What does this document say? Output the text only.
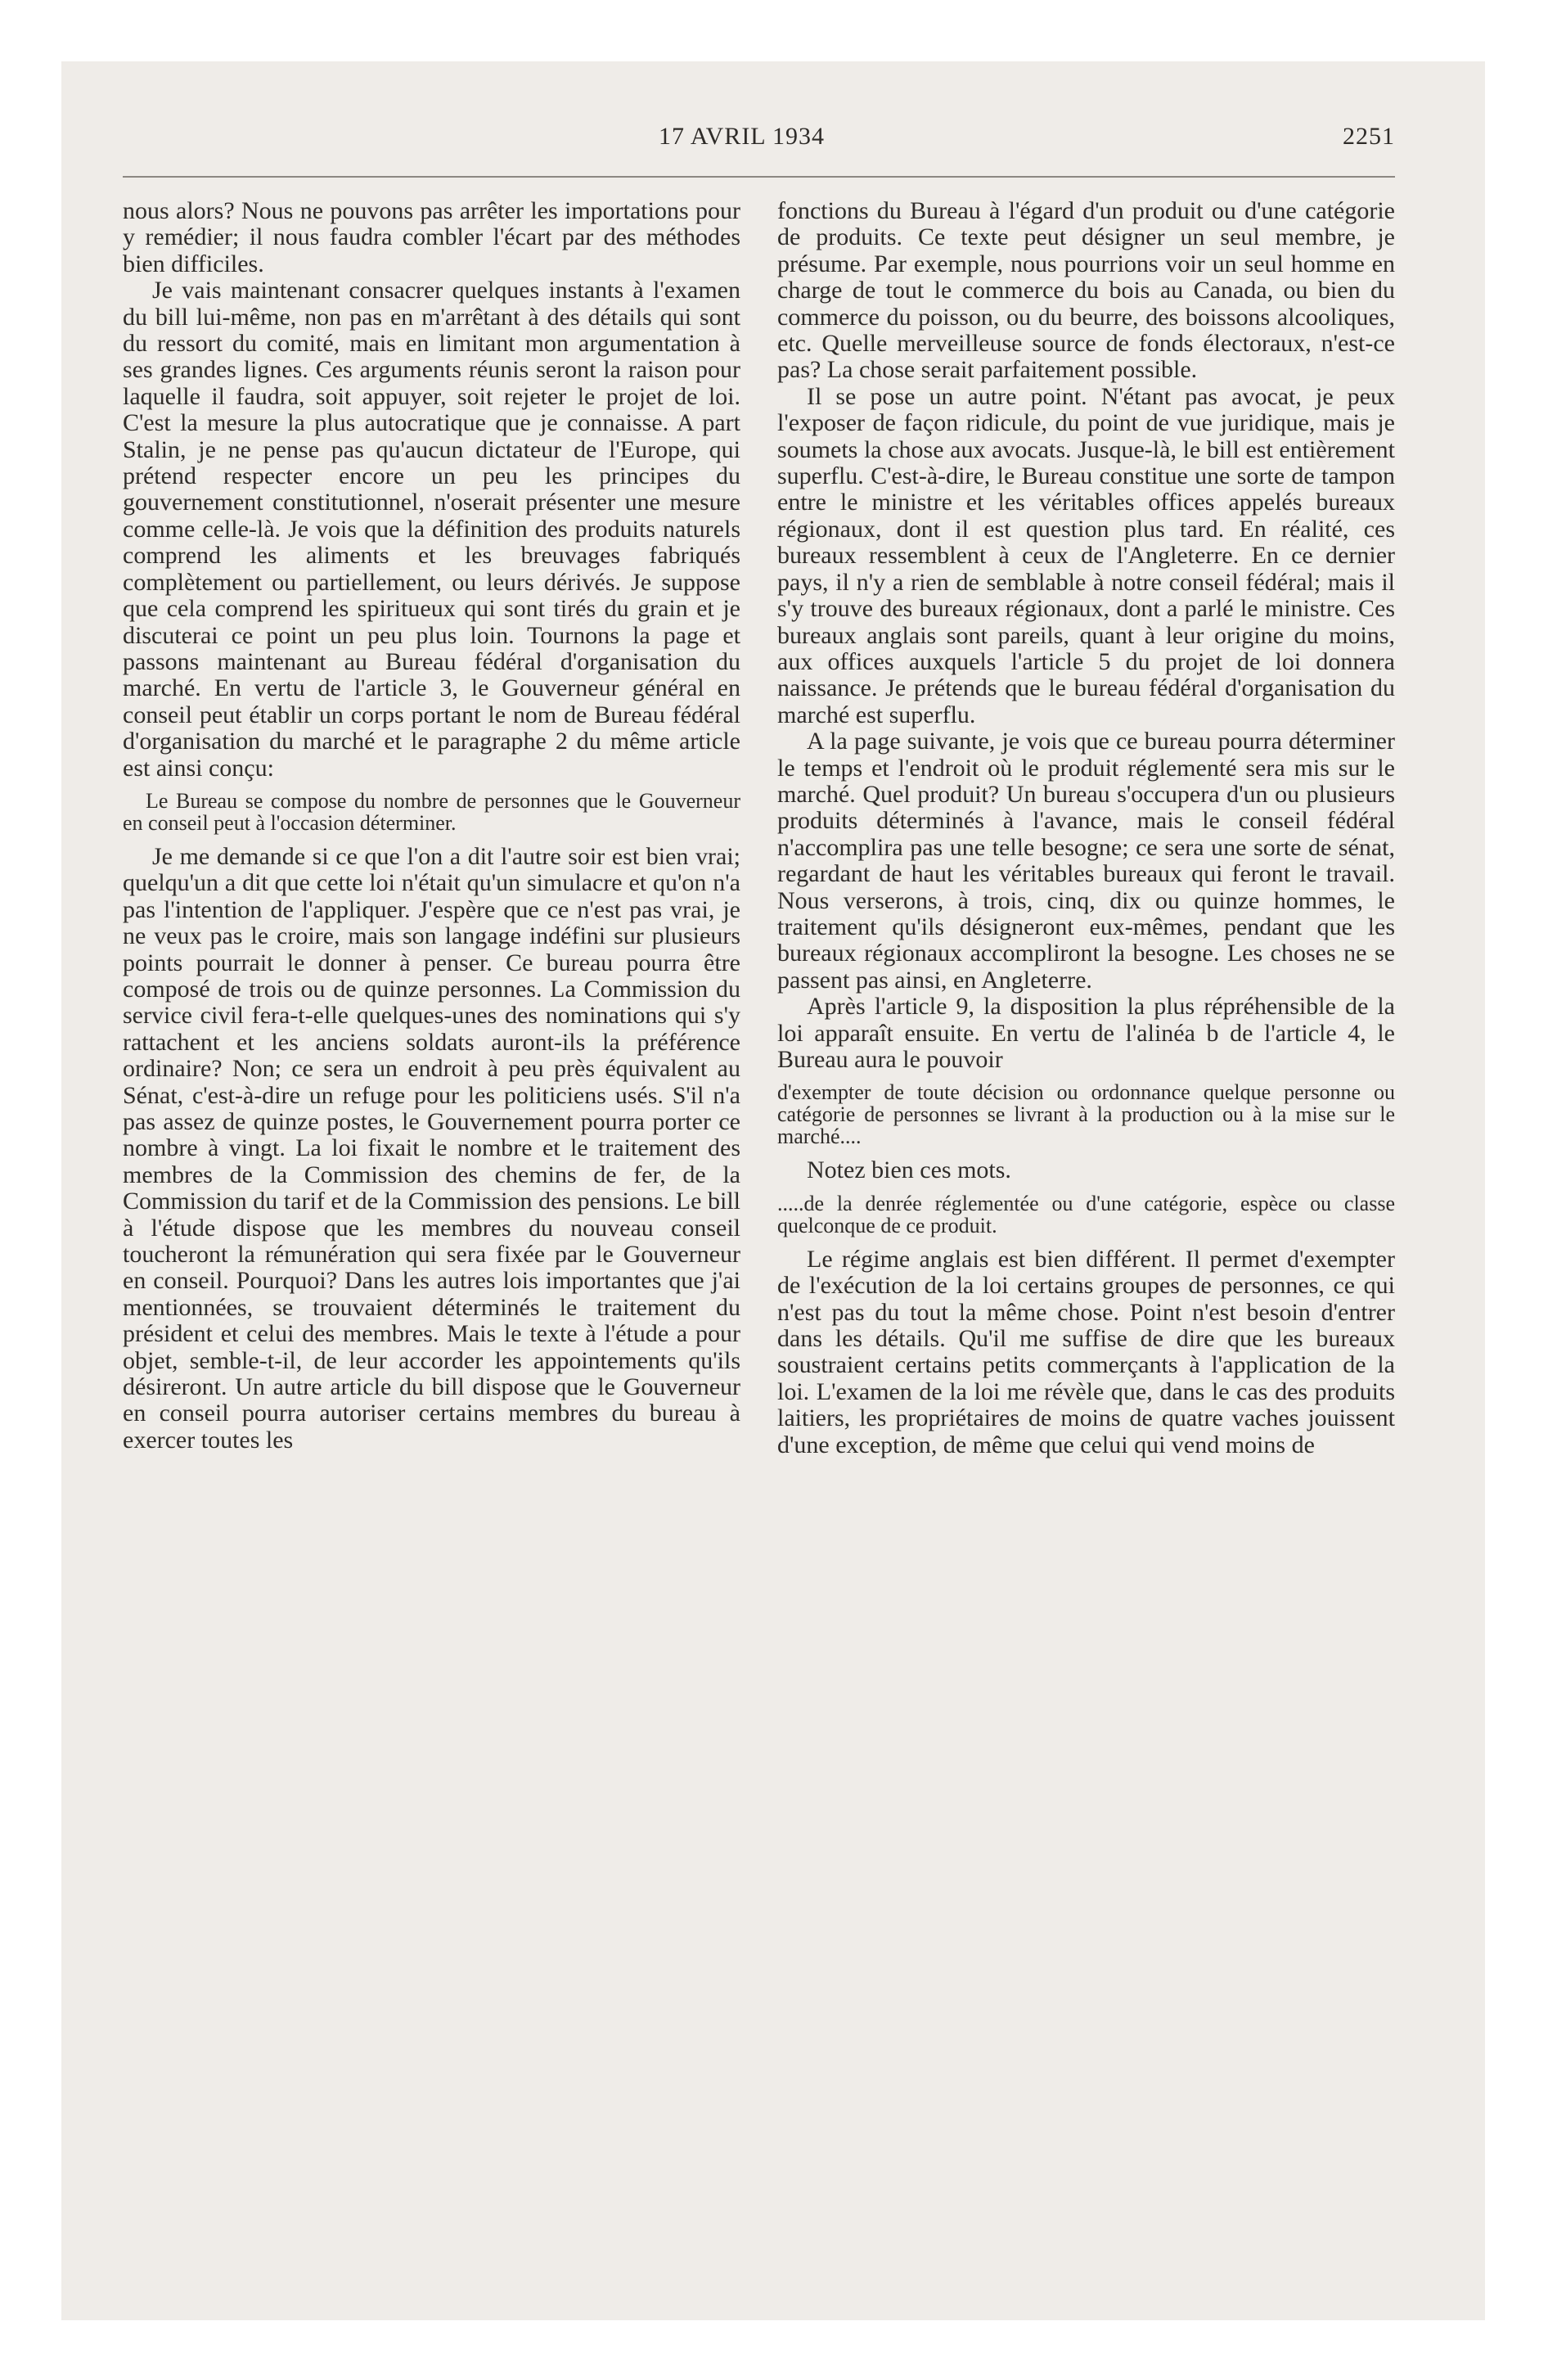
17 AVRIL 1934	2251

nous alors? Nous ne pouvons pas arrêter les importations pour y remédier; il nous faudra combler l'écart par des méthodes bien difficiles.

Je vais maintenant consacrer quelques instants à l'examen du bill lui-même, non pas en m'arrêtant à des détails qui sont du ressort du comité, mais en limitant mon argumentation à ses grandes lignes. Ces arguments réunis seront la raison pour laquelle il faudra, soit appuyer, soit rejeter le projet de loi. C'est la mesure la plus autocratique que je connaisse. A part Stalin, je ne pense pas qu'aucun dictateur de l'Europe, qui prétend respecter encore un peu les principes du gouvernement constitutionnel, n'oserait présenter une mesure comme celle-là. Je vois que la définition des produits naturels comprend les aliments et les breuvages fabriqués complètement ou partiellement, ou leurs dérivés. Je suppose que cela comprend les spiritueux qui sont tirés du grain et je discuterai ce point un peu plus loin. Tournons la page et passons maintenant au Bureau fédéral d'organisation du marché. En vertu de l'article 3, le Gouverneur général en conseil peut établir un corps portant le nom de Bureau fédéral d'organisation du marché et le paragraphe 2 du même article est ainsi conçu:

Le Bureau se compose du nombre de personnes que le Gouverneur en conseil peut à l'occasion déterminer.

Je me demande si ce que l'on a dit l'autre soir est bien vrai; quelqu'un a dit que cette loi n'était qu'un simulacre et qu'on n'a pas l'intention de l'appliquer. J'espère que ce n'est pas vrai, je ne veux pas le croire, mais son langage indéfini sur plusieurs points pourrait le donner à penser. Ce bureau pourra être composé de trois ou de quinze personnes. La Commission du service civil fera-t-elle quelques-unes des nominations qui s'y rattachent et les anciens soldats auront-ils la préférence ordinaire? Non; ce sera un endroit à peu près équivalent au Sénat, c'est-à-dire un refuge pour les politiciens usés. S'il n'a pas assez de quinze postes, le Gouvernement pourra porter ce nombre à vingt. La loi fixait le nombre et le traitement des membres de la Commission des chemins de fer, de la Commission du tarif et de la Commission des pensions. Le bill à l'étude dispose que les membres du nouveau conseil toucheront la rémunération qui sera fixée par le Gouverneur en conseil. Pourquoi? Dans les autres lois importantes que j'ai mentionnées, se trouvaient déterminés le traitement du président et celui des membres. Mais le texte à l'étude a pour objet, semble-t-il, de leur accorder les appointements qu'ils désireront. Un autre article du bill dispose que le Gouverneur en conseil pourra autoriser certains membres du bureau à exercer toutes les

fonctions du Bureau à l'égard d'un produit ou d'une catégorie de produits. Ce texte peut désigner un seul membre, je présume. Par exemple, nous pourrions voir un seul homme en charge de tout le commerce du bois au Canada, ou bien du commerce du poisson, ou du beurre, des boissons alcooliques, etc. Quelle merveilleuse source de fonds électoraux, n'est-ce pas? La chose serait parfaitement possible.

Il se pose un autre point. N'étant pas avocat, je peux l'exposer de façon ridicule, du point de vue juridique, mais je soumets la chose aux avocats. Jusque-là, le bill est entièrement superflu. C'est-à-dire, le Bureau constitue une sorte de tampon entre le ministre et les véritables offices appelés bureaux régionaux, dont il est question plus tard. En réalité, ces bureaux ressemblent à ceux de l'Angleterre. En ce dernier pays, il n'y a rien de semblable à notre conseil fédéral; mais il s'y trouve des bureaux régionaux, dont a parlé le ministre. Ces bureaux anglais sont pareils, quant à leur origine du moins, aux offices auxquels l'article 5 du projet de loi donnera naissance. Je prétends que le bureau fédéral d'organisation du marché est superflu.

A la page suivante, je vois que ce bureau pourra déterminer le temps et l'endroit où le produit réglementé sera mis sur le marché. Quel produit? Un bureau s'occupera d'un ou plusieurs produits déterminés à l'avance, mais le conseil fédéral n'accomplira pas une telle besogne; ce sera une sorte de sénat, regardant de haut les véritables bureaux qui feront le travail. Nous verserons, à trois, cinq, dix ou quinze hommes, le traitement qu'ils désigneront eux-mêmes, pendant que les bureaux régionaux accompliront la besogne. Les choses ne se passent pas ainsi, en Angleterre.

Après l'article 9, la disposition la plus répréhensible de la loi apparaît ensuite. En vertu de l'alinéa b de l'article 4, le Bureau aura le pouvoir

d'exempter de toute décision ou ordonnance quelque personne ou catégorie de personnes se livrant à la production ou à la mise sur le marché....

Notez bien ces mots.

.....de la denrée réglementée ou d'une catégorie, espèce ou classe quelconque de ce produit.

Le régime anglais est bien différent. Il permet d'exempter de l'exécution de la loi certains groupes de personnes, ce qui n'est pas du tout la même chose. Point n'est besoin d'entrer dans les détails. Qu'il me suffise de dire que les bureaux soustraient certains petits commerçants à l'application de la loi. L'examen de la loi me révèle que, dans le cas des produits laitiers, les propriétaires de moins de quatre vaches jouissent d'une exception, de même que celui qui vend moins de
